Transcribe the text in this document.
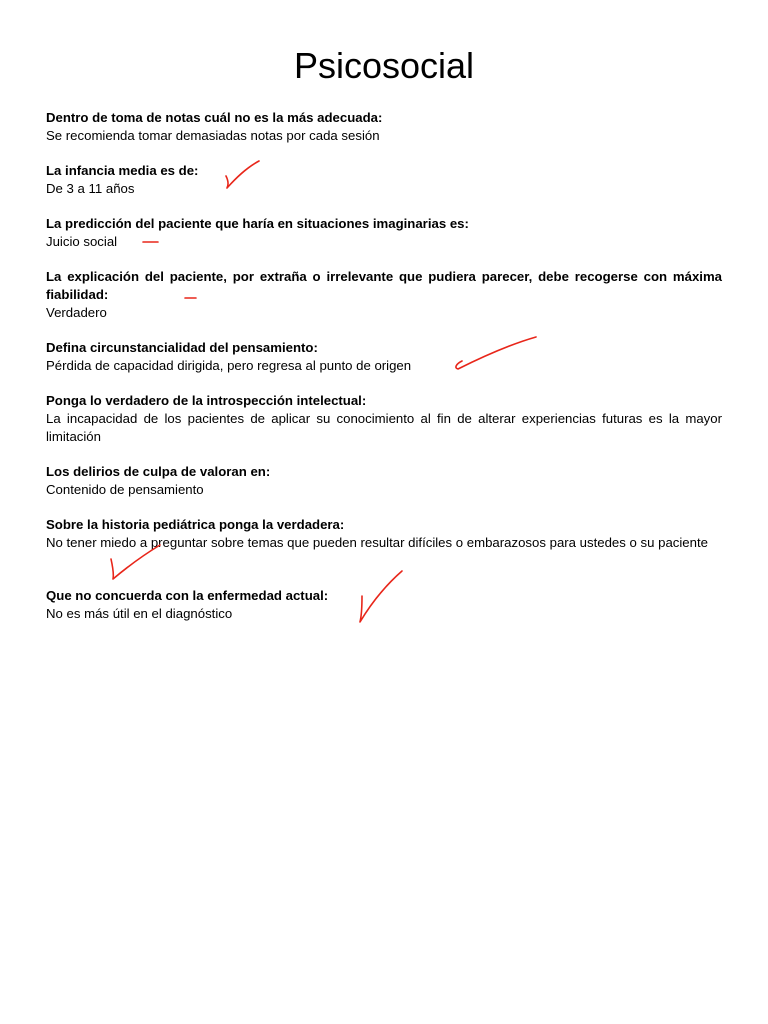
Psicosocial
Dentro de toma de notas cuál no es la más adecuada:
Se recomienda tomar demasiadas notas por cada sesión
La infancia media es de:
De 3 a 11 años
La predicción del paciente que haría en situaciones imaginarias es:
Juicio social
La explicación del paciente, por extraña o irrelevante que pudiera parecer, debe recogerse con máxima fiabilidad:
Verdadero
Defina circunstancialidad del pensamiento:
Pérdida de capacidad dirigida, pero regresa al punto de origen
Ponga lo verdadero de la introspección intelectual:
La incapacidad de los pacientes de aplicar su conocimiento al fin de alterar experiencias futuras es la mayor limitación
Los delirios de culpa de valoran en:
Contenido de pensamiento
Sobre la historia pediátrica ponga la verdadera:
No tener miedo a preguntar sobre temas que pueden resultar difíciles o embarazosos para ustedes o su paciente
Que no concuerda con la enfermedad actual:
No es más útil en el diagnóstico
